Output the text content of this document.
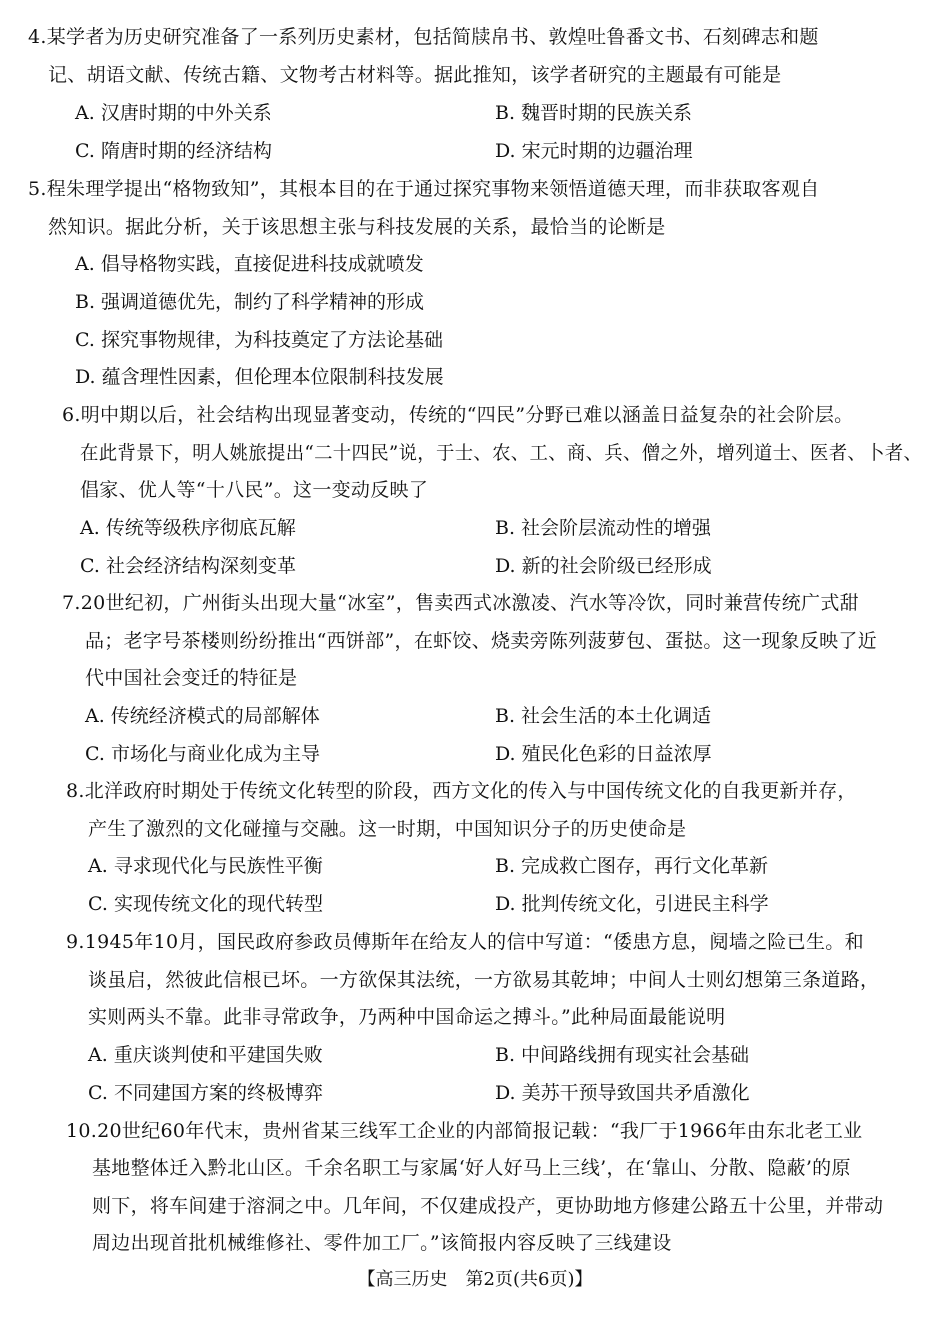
4.某学者为历史研究准备了一系列历史素材，包括简牍帛书、敦煌吐鲁番文书、石刻碑志和题
记、胡语文献、传统古籍、文物考古材料等。据此推知，该学者研究的主题最有可能是
A. 汉唐时期的中外关系	B. 魏晋时期的民族关系
C. 隋唐时期的经济结构	D. 宋元时期的边疆治理
5.程朱理学提出“格物致知”，其根本目的在于通过探究事物来领悟道德天理，而非获取客观自
然知识。据此分析，关于该思想主张与科技发展的关系，最恰当的论断是
A. 倡导格物实践，直接促进科技成就喷发
B. 强调道德优先，制约了科学精神的形成
C. 探究事物规律，为科技奠定了方法论基础
D. 蕴含理性因素，但伦理本位限制科技发展
6.明中期以后，社会结构出现显著变动，传统的“四民”分野已难以涵盖日益复杂的社会阶层。
在此背景下，明人姚旅提出“二十四民”说，于士、农、工、商、兵、僧之外，增列道士、医者、卜者、
倡家、优人等“十八民”。这一变动反映了
A. 传统等级秩序彻底瓦解	B. 社会阶层流动性的增强
C. 社会经济结构深刻变革	D. 新的社会阶级已经形成
7.20世纪初，广州街头出现大量“冰室”，售卖西式冰激凌、汽水等冷饮，同时兼营传统广式甜
品；老字号茶楼则纷纷推出“西饼部”，在虾饺、烧卖旁陈列菠萝包、蛋挞。这一现象反映了近
代中国社会变迁的特征是
A. 传统经济模式的局部解体	B. 社会生活的本土化调适
C. 市场化与商业化成为主导	D. 殖民化色彩的日益浓厚
8.北洋政府时期处于传统文化转型的阶段，西方文化的传入与中国传统文化的自我更新并存，
产生了激烈的文化碰撞与交融。这一时期，中国知识分子的历史使命是
A. 寻求现代化与民族性平衡	B. 完成救亡图存，再行文化革新
C. 实现传统文化的现代转型	D. 批判传统文化，引进民主科学
9.1945年10月，国民政府参政员傅斯年在给友人的信中写道：“倭患方息，阋墙之险已生。和
谈虽启，然彼此信根已坏。一方欲保其法统，一方欲易其乾坤；中间人士则幻想第三条道路，
实则两头不靠。此非寻常政争，乃两种中国命运之搏斗。”此种局面最能说明
A. 重庆谈判使和平建国失败	B. 中间路线拥有现实社会基础
C. 不同建国方案的终极博弈	D. 美苏干预导致国共矛盾激化
10.20世纪60年代末，贵州省某三线军工企业的内部简报记载：“我厂于1966年由东北老工业
基地整体迁入黔北山区。千余名职工与家属‘好人好马上三线’，在‘靠山、分散、隐蔽’的原
则下，将车间建于溶洞之中。几年间，不仅建成投产，更协助地方修建公路五十公里，并带动
周边出现首批机械维修社、零件加工厂。”该简报内容反映了三线建设
【高三历史　第2页(共6页)】
